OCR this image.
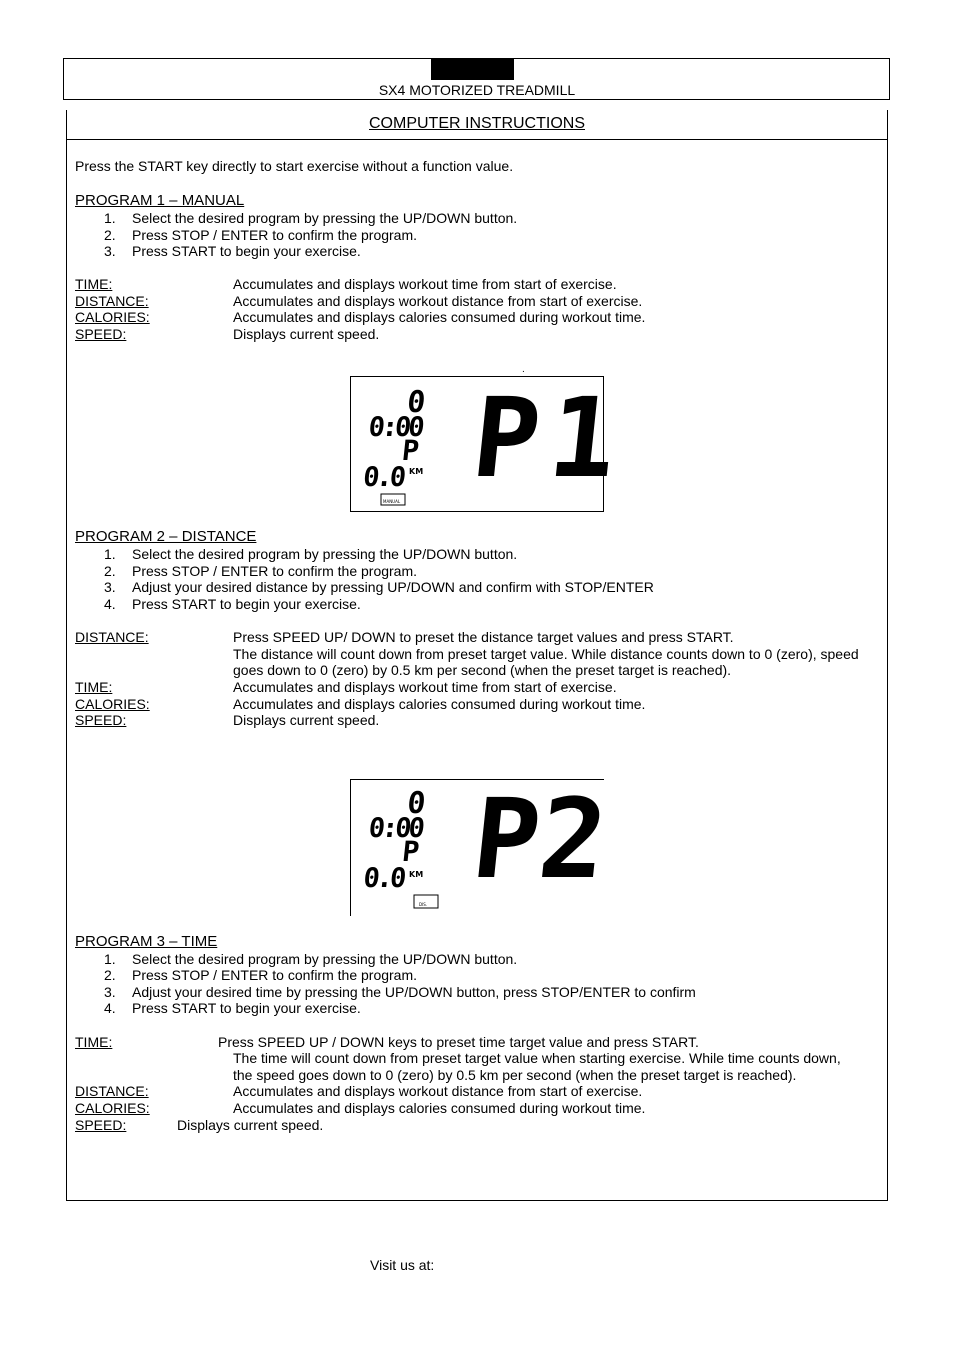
SX4 MOTORIZED TREADMILL
COMPUTER INSTRUCTIONS
Press the START key directly to start exercise without a function value.
PROGRAM 1 – MANUAL
1. Select the desired program by pressing the UP/DOWN button.
2. Press STOP / ENTER to confirm the program.
3. Press START to begin your exercise.
TIME:	Accumulates and displays workout time from start of exercise.
DISTANCE:	Accumulates and displays workout distance from start of exercise.
CALORIES:	Accumulates and displays calories consumed during workout time.
SPEED:	Displays current speed.
0
0:00
P
0.0 KM
MANUAL P1
.
PROGRAM 2 – DISTANCE
1. Select the desired program by pressing the UP/DOWN button.
2. Press STOP / ENTER to confirm the program.
3. Adjust your desired distance by pressing UP/DOWN and confirm with STOP/ENTER
4. Press START to begin your exercise.
DISTANCE:	Press SPEED UP/ DOWN to preset the distance target values and press START.
The distance will count down from preset target value. While distance counts down to 0 (zero), speed
goes down to 0 (zero) by 0.5 km per second (when the preset target is reached).
TIME:	Accumulates and displays workout time from start of exercise.
CALORIES:	Accumulates and displays calories consumed during workout time.
SPEED:	Displays current speed.
0
0:00
P
0.0 KM
DIS.
P2
PROGRAM 3 – TIME
1. Select the desired program by pressing the UP/DOWN button.
2. Press STOP / ENTER to confirm the program.
3. Adjust your desired time by pressing the UP/DOWN button, press STOP/ENTER to confirm
4. Press START to begin your exercise.
TIME:	Press SPEED UP / DOWN keys to preset time target value and press START.
The time will count down from preset target value when starting exercise. While time counts down,
the speed goes down to 0 (zero) by 0.5 km per second (when the preset target is reached).
DISTANCE:	Accumulates and displays workout distance from start of exercise.
CALORIES:	Accumulates and displays calories consumed during workout time.
SPEED:	Displays current speed.
Visit us at:
